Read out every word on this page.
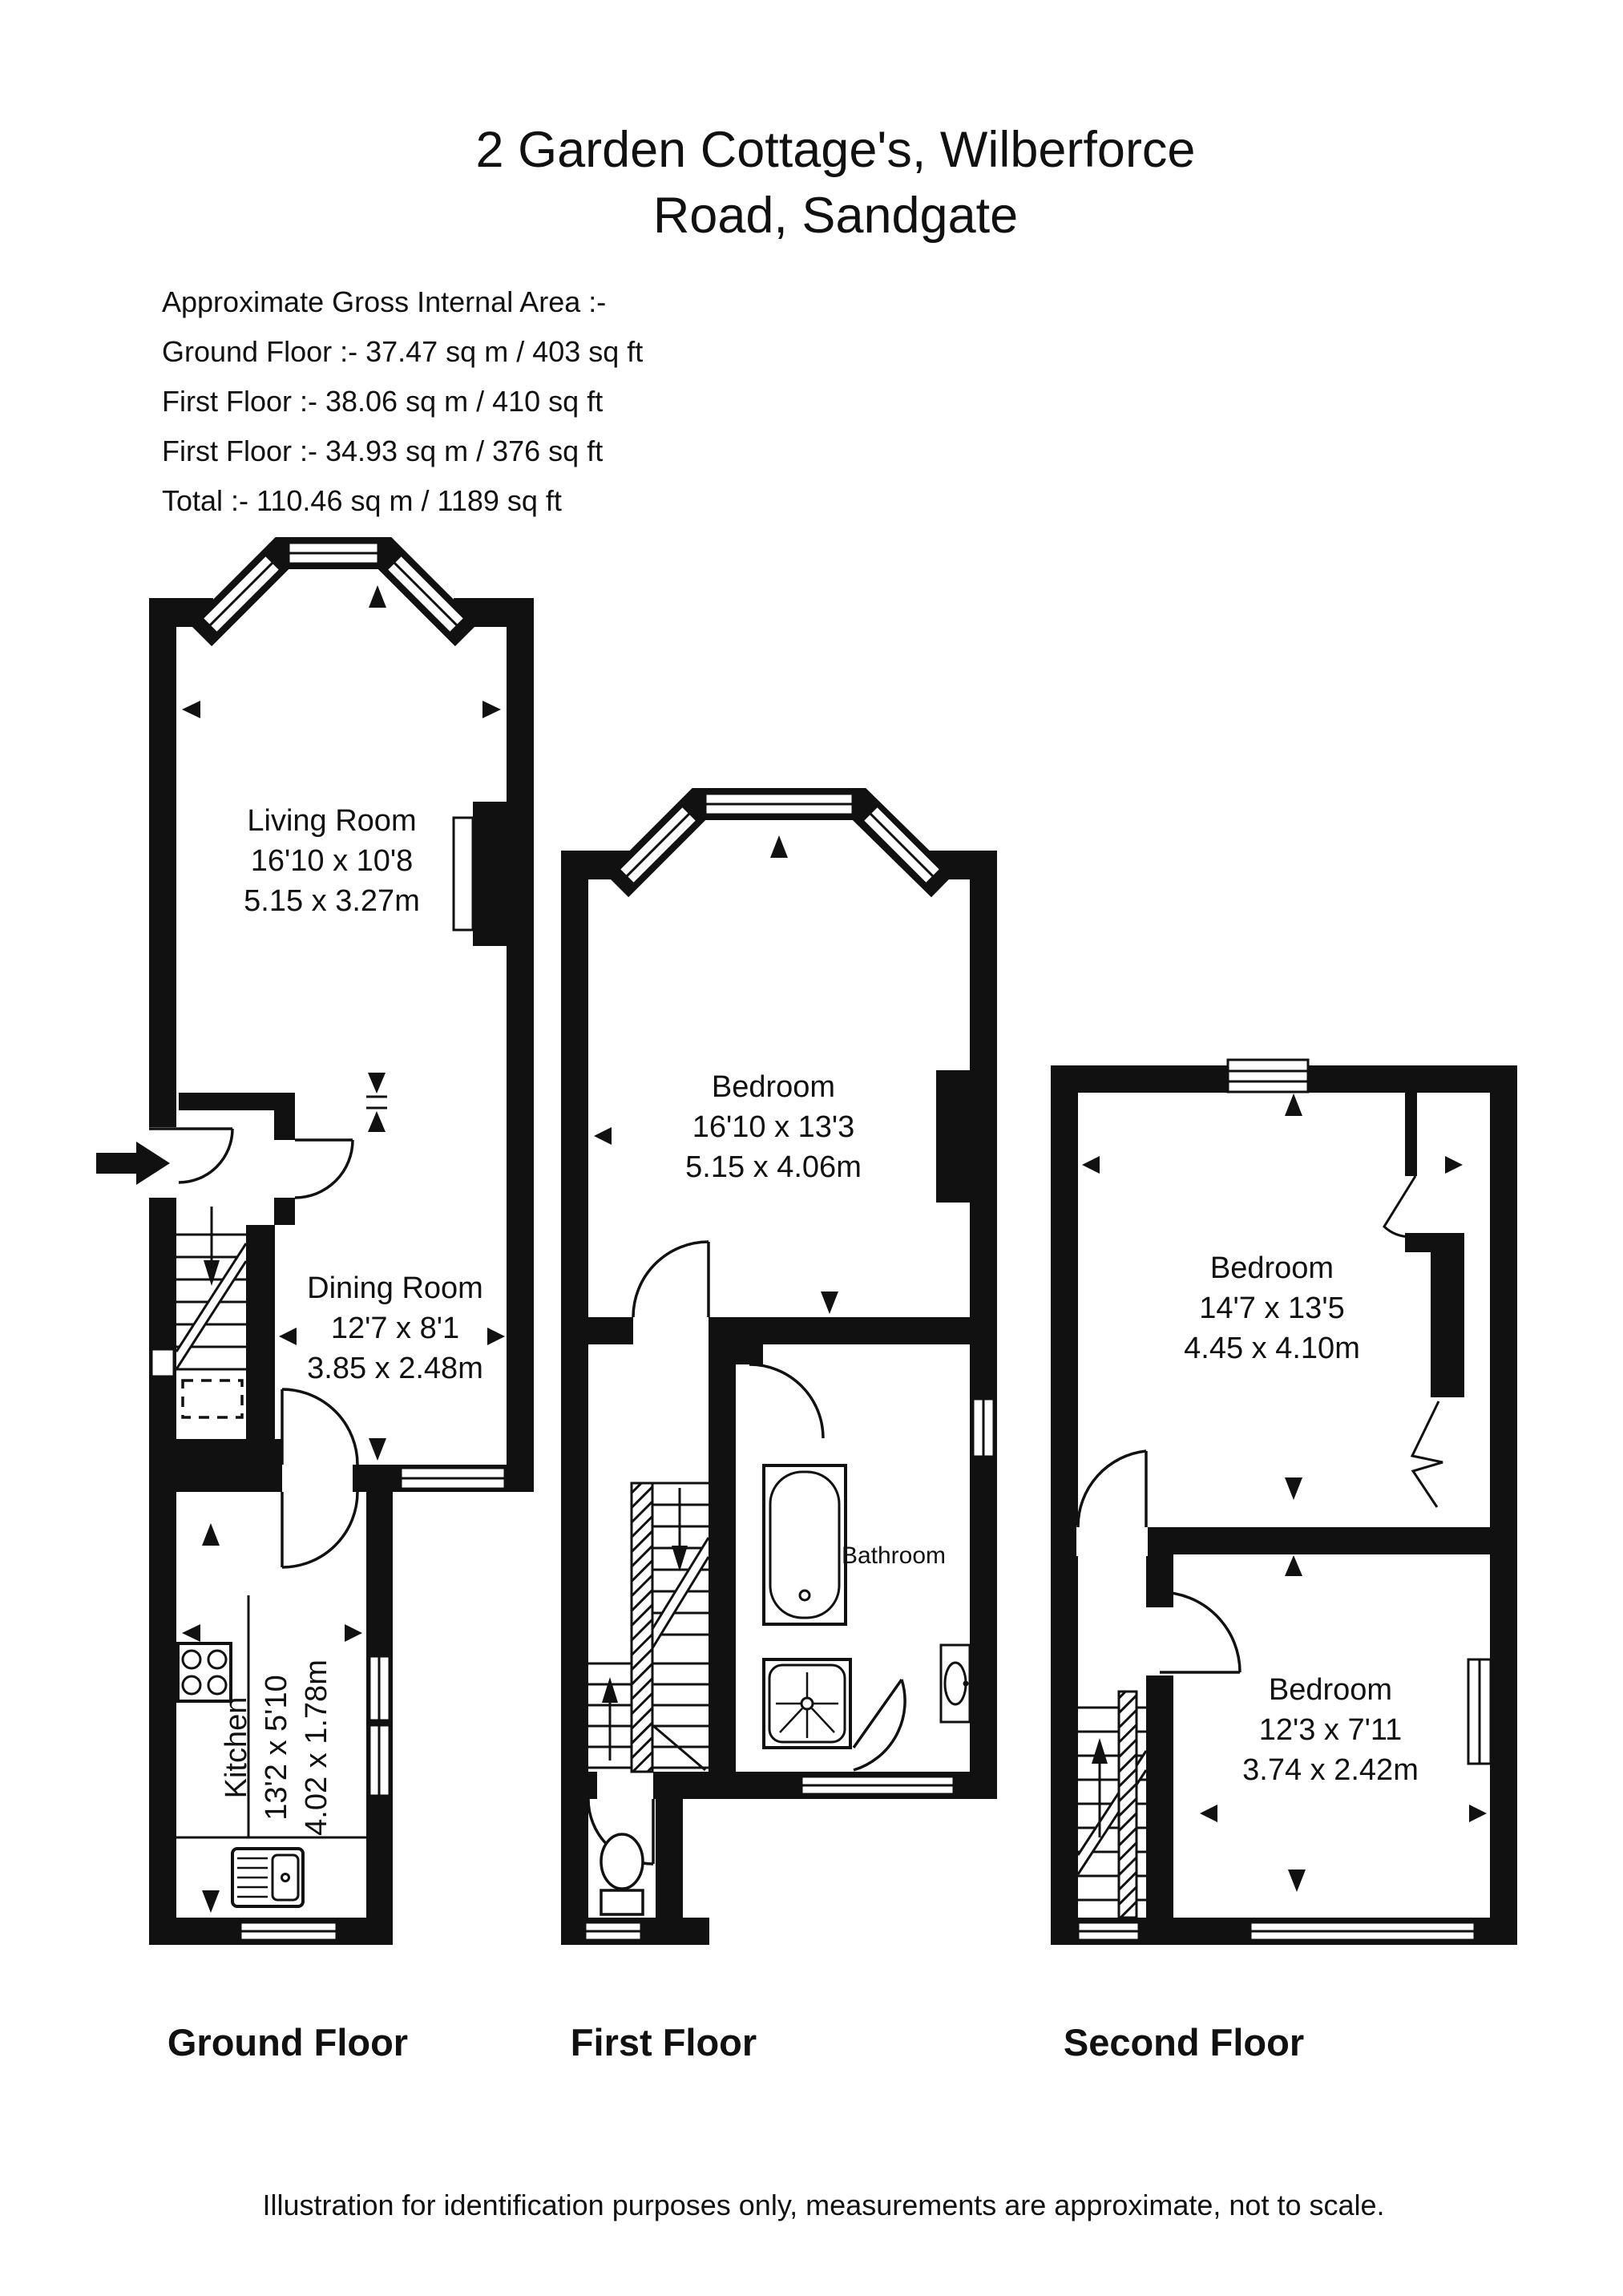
Living Room
16'10 x 10'8
5.15 x 3.27m
Dining Room
12'7 x 8'1
3.85 x 2.48m
Kitchen 13'2 x 5'10 4.02 x 1.78m
Bedroom
16'10 x 13'3
5.15 x 4.06m
Bathroom
Bedroom
14'7 x 13'5
4.45 x 4.10m
Bedroom
12'3 x 7'11
3.74 x 2.42m
2 Garden Cottage's, Wilberforce
Road, Sandgate
Approximate Gross Internal Area :-
Ground Floor :- 37.47 sq m / 403 sq ft
First Floor :- 38.06 sq m / 410 sq ft
First Floor :- 34.93 sq m / 376 sq ft
Total :- 110.46 sq m / 1189 sq ft
Ground Floor	First Floor	Second Floor
Illustration for identification purposes only, measurements are approximate, not to scale.
